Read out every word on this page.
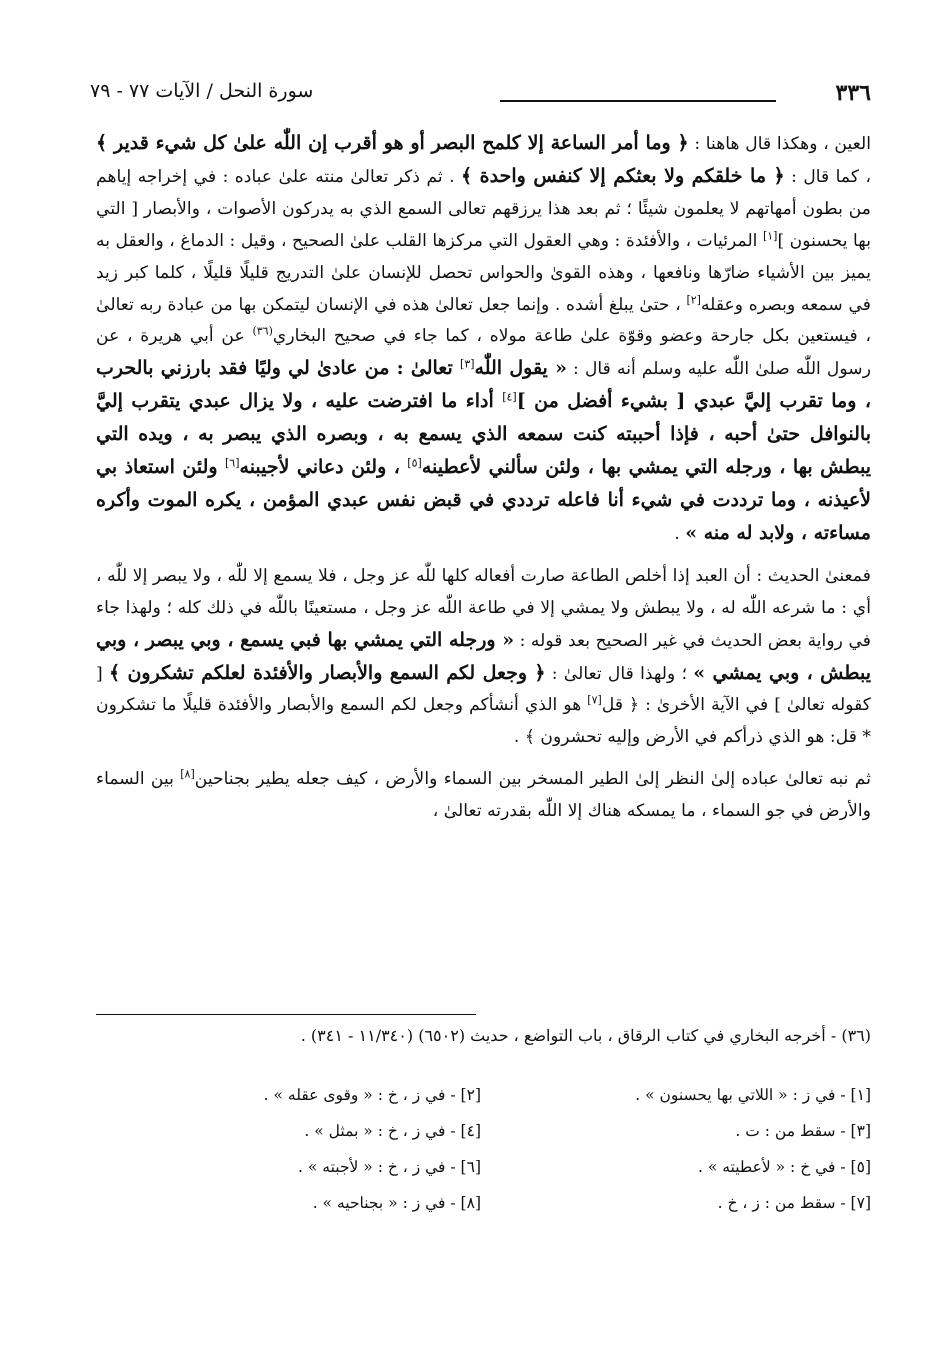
٣٣٦
سورة النحل / الآيات ٧٧ - ٧٩

العين ، وهكذا قال هاهنا : ﴿ وما أمر الساعة إلا كلمح البصر أو هو أقرب إن اللّٰه علىٰ كل شيء قدير ﴾ ، كما قال : ﴿ ما خلقكم ولا بعثكم إلا كنفس واحدة ﴾ . ثم ذكر تعالىٰ منته علىٰ عباده : في إخراجه إياهم من بطون أمهاتهم لا يعلمون شيئًا ؛ ثم بعد هذا يرزقهم تعالى السمع الذي به يدركون الأصوات ، والأبصار [ التي بها يحسنون ][١] المرئيات ، والأفئدة : وهي العقول التي مركزها القلب علىٰ الصحيح ، وقيل : الدماغ ، والعقل به يميز بين الأشياء ضارّها ونافعها ، وهذه القوىٰ والحواس تحصل للإنسان علىٰ التدريج قليلًا قليلًا ، كلما كبر زيد في سمعه وبصره وعقله[٢] ، حتىٰ يبلغ أشده . وإنما جعل تعالىٰ هذه في الإنسان ليتمكن بها من عبادة ربه تعالىٰ ، فيستعين بكل جارحة وعضو وقوّة علىٰ طاعة مولاه ، كما جاء في صحيح البخاري$^{(٣٦)}$ عن أبي هريرة ، عن رسول اللّٰه صلىٰ اللّٰه عليه وسلم أنه قال : « يقول اللّٰه[٣] تعالىٰ : من عادىٰ لي وليًا فقد بارزني بالحرب ، وما تقرب إليَّ عبدي [ بشيء أفضل من ][٤] أداء ما افترضت عليه ، ولا يزال عبدي يتقرب إليَّ بالنوافل حتىٰ أحبه ، فإذا أحببته كنت سمعه الذي يسمع به ، وبصره الذي يبصر به ، ويده التي يبطش بها ، ورجله التي يمشي بها ، ولئن سألني لأعطينه[٥] ، ولئن دعاني لأجيبنه[٦] ولئن استعاذ بي لأعيذنه ، وما ترددت في شيء أنا فاعله ترددي في قبض نفس عبدي المؤمن ، يكره الموت وأكره مساءته ، ولابد له منه » .

فمعنىٰ الحديث : أن العبد إذا أخلص الطاعة صارت أفعاله كلها للّٰه عز وجل ، فلا يسمع إلا للّٰه ، ولا يبصر إلا للّٰه ، أي : ما شرعه اللّٰه له ، ولا يبطش ولا يمشي إلا في طاعة اللّٰه عز وجل ، مستعينًا باللّٰه في ذلك كله ؛ ولهذا جاء في رواية بعض الحديث في غير الصحيح بعد قوله : « ورجله التي يمشي بها فبي يسمع ، وبي يبصر ، وبي يبطش ، وبي يمشي » ؛ ولهذا قال تعالىٰ : ﴿ وجعل لكم السمع والأبصار والأفئدة لعلكم تشكرون ﴾ [ كقوله تعالىٰ ] في الآية الأخرىٰ : ﴿ قل[٧] هو الذي أنشأكم وجعل لكم السمع والأبصار والأفئدة قليلًا ما تشكرون * قل: هو الذي ذرأكم في الأرض وإليه تحشرون ﴾ .

ثم نبه تعالىٰ عباده إلىٰ النظر إلىٰ الطير المسخر بين السماء والأرض ، كيف جعله يطير بجناحين[٨] بين السماء والأرض في جو السماء ، ما يمسكه هناك إلا اللّٰه بقدرته تعالىٰ ،

(٣٦) - أخرجه البخاري في كتاب الرقاق ، باب التواضع ، حديث (٦٥٠٢) (١١/٣٤٠ - ٣٤١) .
[١] - في ز : « اللاتي بها يحسنون » .
[٢] - في ز ، خ : « وقوى عقله » .
[٣] - سقط من : ت .
[٤] - في ز ، خ : « بمثل » .
[٥] - في خ : « لأعطيته » .
[٦] - في ز ، خ : « لأجبته » .
[٧] - سقط من : ز ، خ .
[٨] - في ز : « بجناحيه » .
